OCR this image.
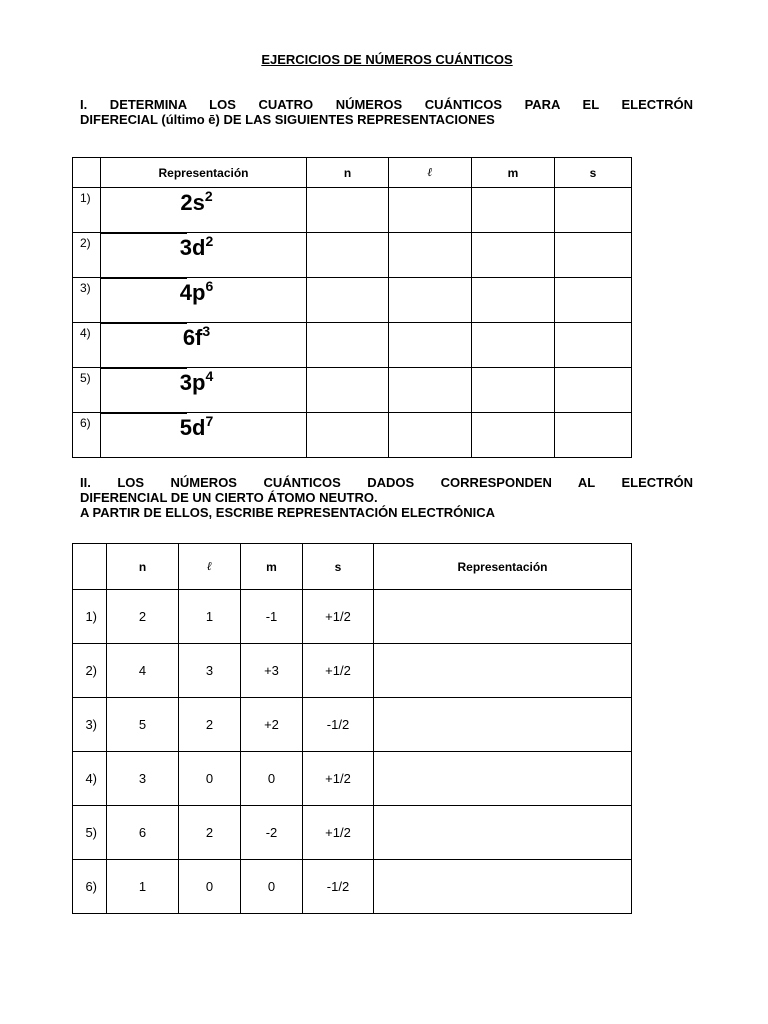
EJERCICIOS DE NÚMEROS CUÁNTICOS
I. DETERMINA LOS CUATRO NÚMEROS CUÁNTICOS PARA EL ELECTRÓN
DIFERECIAL (último ē) DE LAS SIGUIENTES REPRESENTACIONES
	Representación	n	ℓ	m	s
1)	$2s^2$

2)	$3d^2$

3)	$4p^6$

4)	$6f^3$

5)	$3p^4$

6)	$5d^7$

II. LOS NÚMEROS CUÁNTICOS DADOS CORRESPONDEN AL ELECTRÓN
DIFERENCIAL DE UN CIERTO ÁTOMO NEUTRO.
A PARTIR DE ELLOS, ESCRIBE REPRESENTACIÓN ELECTRÓNICA
	n	ℓ	m	s	Representación
1)	2	1	-1	+1/2	
2)	4	3	+3	+1/2	
3)	5	2	+2	-1/2	
4)	3	0	0	+1/2	
5)	6	2	-2	+1/2	
6)	1	0	0	-1/2	
